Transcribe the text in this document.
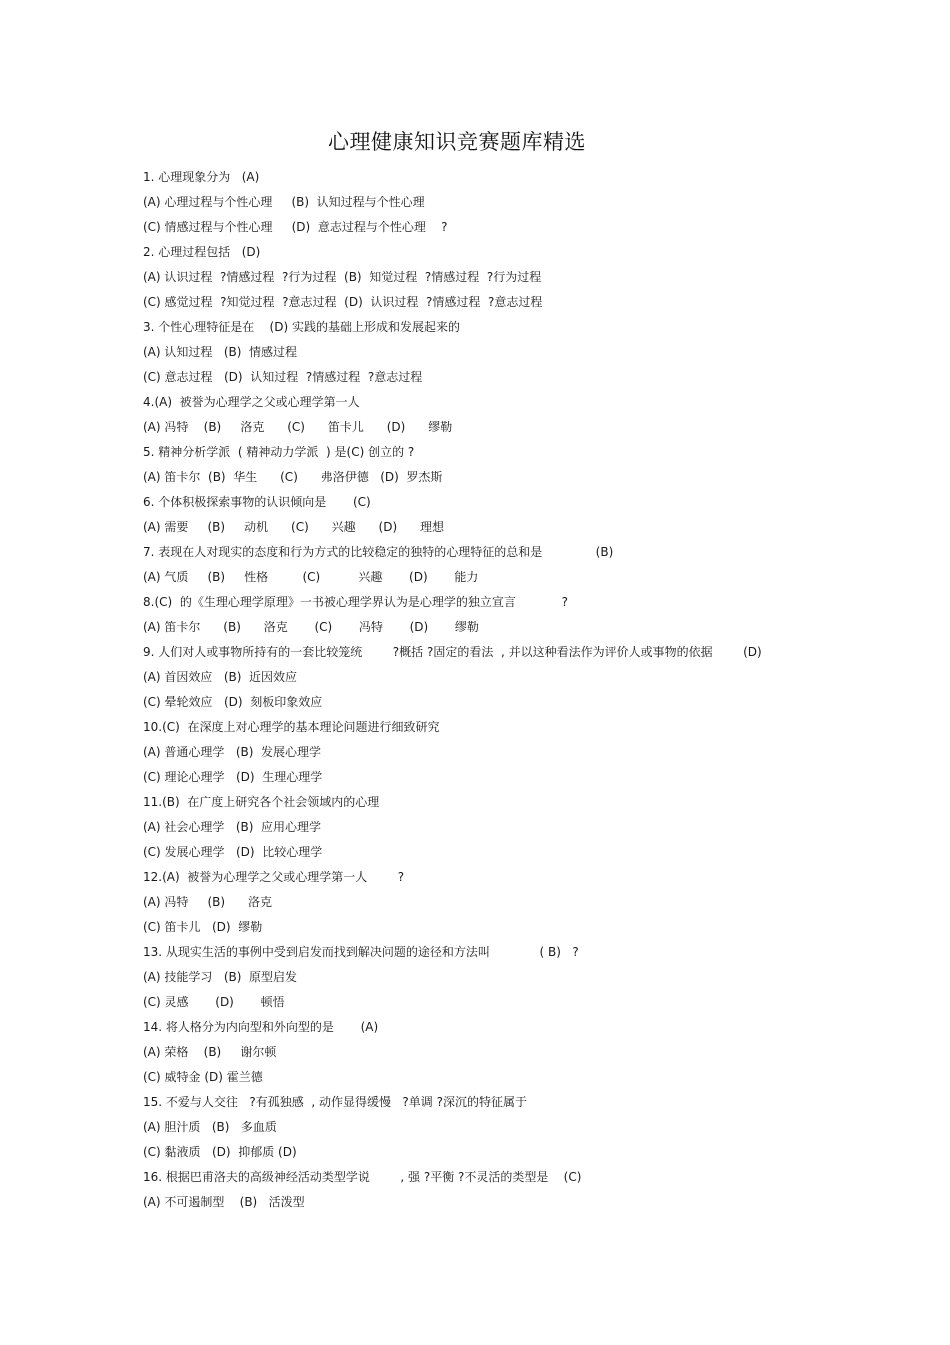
心理健康知识竞赛题库精选
1. 心理现象分为   (A)
(A) 心理过程与个性心理     (B)  认知过程与个性心理
(C) 情感过程与个性心理     (D)  意志过程与个性心理    ?
2. 心理过程包括   (D)
(A) 认识过程  ?情感过程  ?行为过程  (B)  知觉过程  ?情感过程  ?行为过程
(C) 感觉过程  ?知觉过程  ?意志过程  (D)  认识过程  ?情感过程  ?意志过程
3. 个性心理特征是在    (D) 实践的基础上形成和发展起来的
(A) 认知过程   (B)  情感过程
(C) 意志过程   (D)  认知过程  ?情感过程  ?意志过程
4.(A)  被誉为心理学之父或心理学第一人
(A) 冯特    (B)     洛克      (C)      笛卡儿      (D)      缪勒
5. 精神分析学派  ( 精神动力学派  ) 是(C) 创立的 ?
(A) 笛卡尔  (B)  华生      (C)      弗洛伊德   (D)  罗杰斯
6. 个体积极探索事物的认识倾向是       (C)
(A) 需要     (B)     动机      (C)      兴趣      (D)      理想
7. 表现在人对现实的态度和行为方式的比较稳定的独特的心理特征的总和是              (B)
(A) 气质     (B)     性格         (C)          兴趣       (D)       能力
8.(C)  的《生理心理学原理》一书被心理学界认为是心理学的独立宣言            ?
(A) 笛卡尔      (B)      洛克       (C)       冯特       (D)       缪勒
9. 人们对人或事物所持有的一套比较笼统        ?概括 ?固定的看法  , 并以这种看法作为评价人或事物的依据        (D)
(A) 首因效应   (B)  近因效应
(C) 晕轮效应   (D)  刻板印象效应
10.(C)  在深度上对心理学的基本理论问题进行细致研究
(A) 普通心理学   (B)  发展心理学
(C) 理论心理学   (D)  生理心理学
11.(B)  在广度上研究各个社会领域内的心理
(A) 社会心理学   (B)  应用心理学
(C) 发展心理学   (D)  比较心理学
12.(A)  被誉为心理学之父或心理学第一人        ?
(A) 冯特     (B)      洛克
(C) 笛卡儿   (D)  缪勒
13. 从现实生活的事例中受到启发而找到解决问题的途径和方法叫             ( B)   ?
(A) 技能学习   (B)  原型启发
(C) 灵感       (D)       顿悟
14. 将人格分为内向型和外向型的是       (A)
(A) 荣格    (B)     谢尔顿
(C) 威特金 (D) 霍兰德
15. 不爱与人交往   ?有孤独感  , 动作显得缓慢   ?单调 ?深沉的特征属于
(A) 胆汁质   (B)   多血质
(C) 黏液质   (D)  抑郁质 (D)
16. 根据巴甫洛夫的高级神经活动类型学说        , 强 ?平衡 ?不灵活的类型是    (C)
(A) 不可遏制型    (B)   活泼型
